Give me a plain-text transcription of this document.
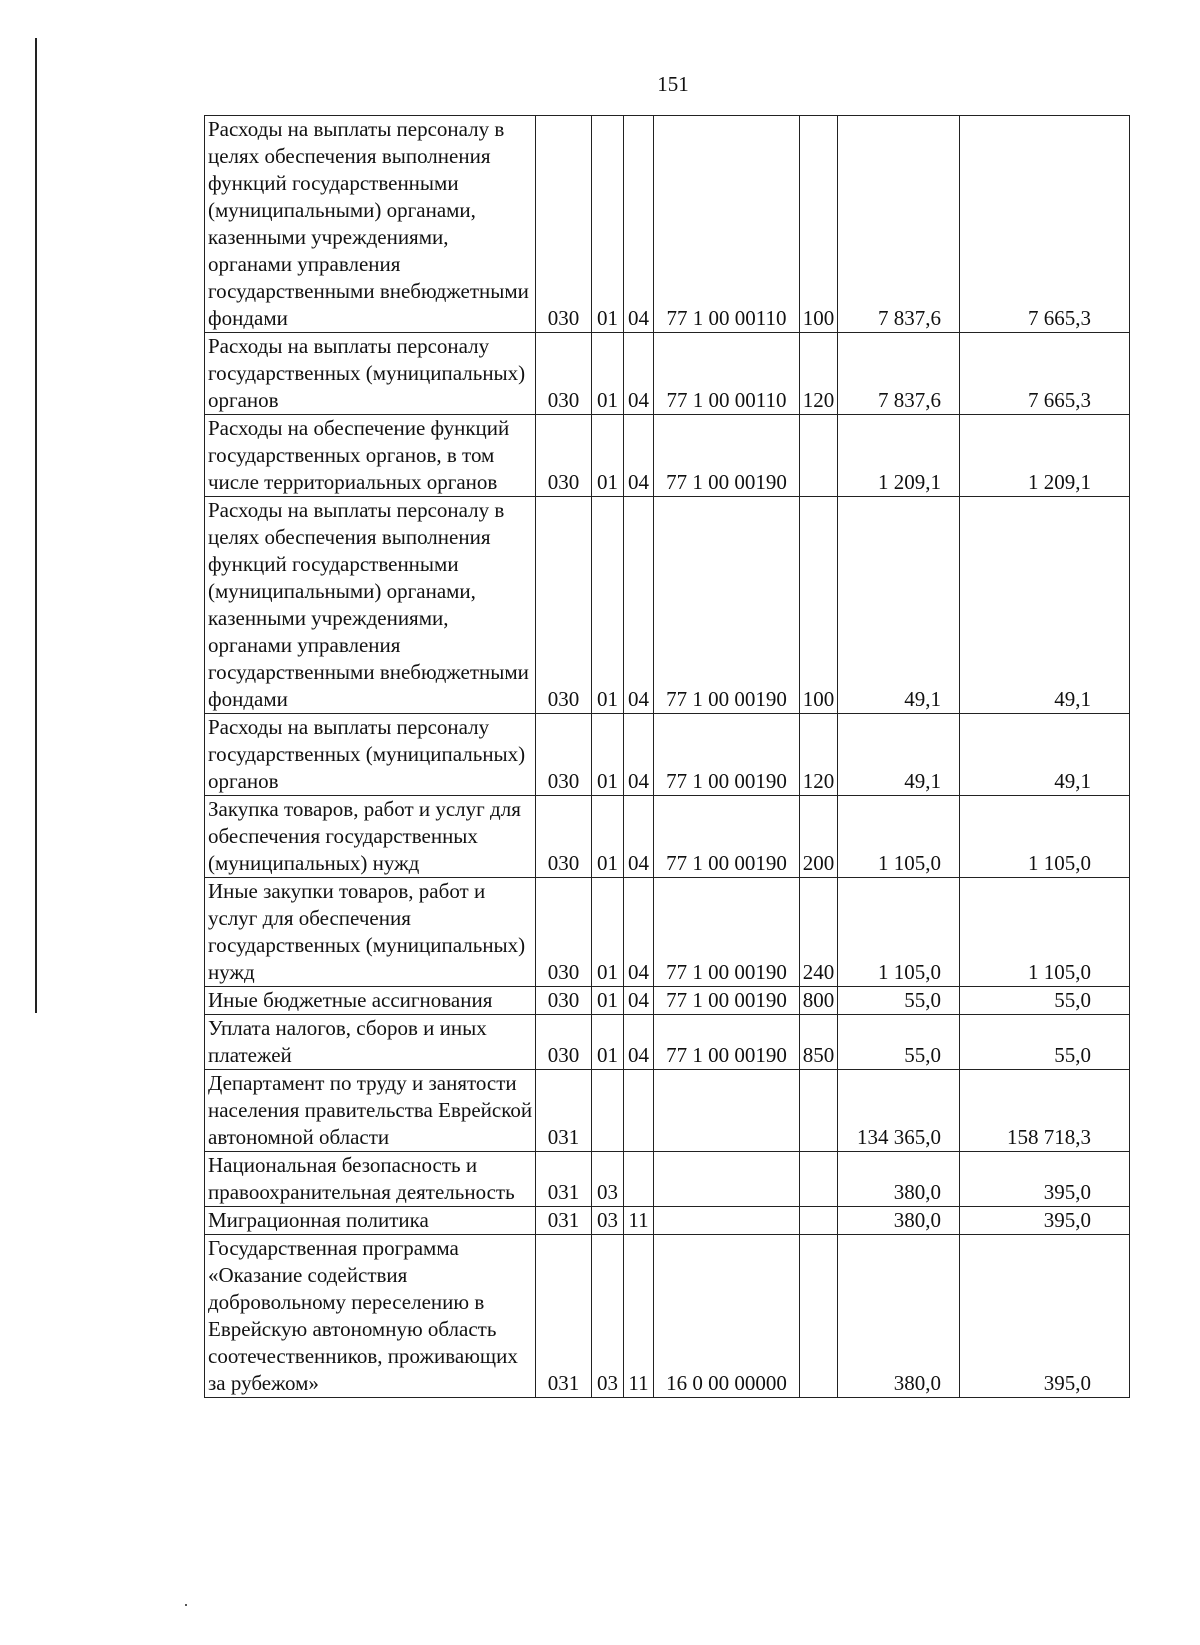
151
Расходы на выплаты персоналу в целях обеспечения выполнения функций государственными (муниципальными) органами, казенными учреждениями, органами управления государственными внебюджетными фондами	030	01	04	77 1 00 00110	100	7 837,6	7 665,3
Расходы на выплаты персоналу государственных (муниципальных) органов	030	01	04	77 1 00 00110	120	7 837,6	7 665,3
Расходы на обеспечение функций государственных органов, в том числе территориальных органов	030	01	04	77 1 00 00190		1 209,1	1 209,1
Расходы на выплаты персоналу в целях обеспечения выполнения функций государственными (муниципальными) органами, казенными учреждениями, органами управления государственными внебюджетными фондами	030	01	04	77 1 00 00190	100	49,1	49,1
Расходы на выплаты персоналу государственных (муниципальных) органов	030	01	04	77 1 00 00190	120	49,1	49,1
Закупка товаров, работ и услуг для обеспечения государственных (муниципальных) нужд	030	01	04	77 1 00 00190	200	1 105,0	1 105,0
Иные закупки товаров, работ и услуг для обеспечения государственных (муниципальных) нужд	030	01	04	77 1 00 00190	240	1 105,0	1 105,0
Иные бюджетные ассигнования	030	01	04	77 1 00 00190	800	55,0	55,0
Уплата налогов, сборов и иных платежей	030	01	04	77 1 00 00190	850	55,0	55,0
Департамент по труду и занятости населения правительства Еврейской автономной области	031					134 365,0	158 718,3
Национальная безопасность и правоохранительная деятельность	031	03				380,0	395,0
Миграционная политика	031	03	11			380,0	395,0
Государственная программа «Оказание содействия добровольному переселению в Еврейскую автономную область соотечественников, проживающих за рубежом»	031	03	11	16 0 00 00000		380,0	395,0
